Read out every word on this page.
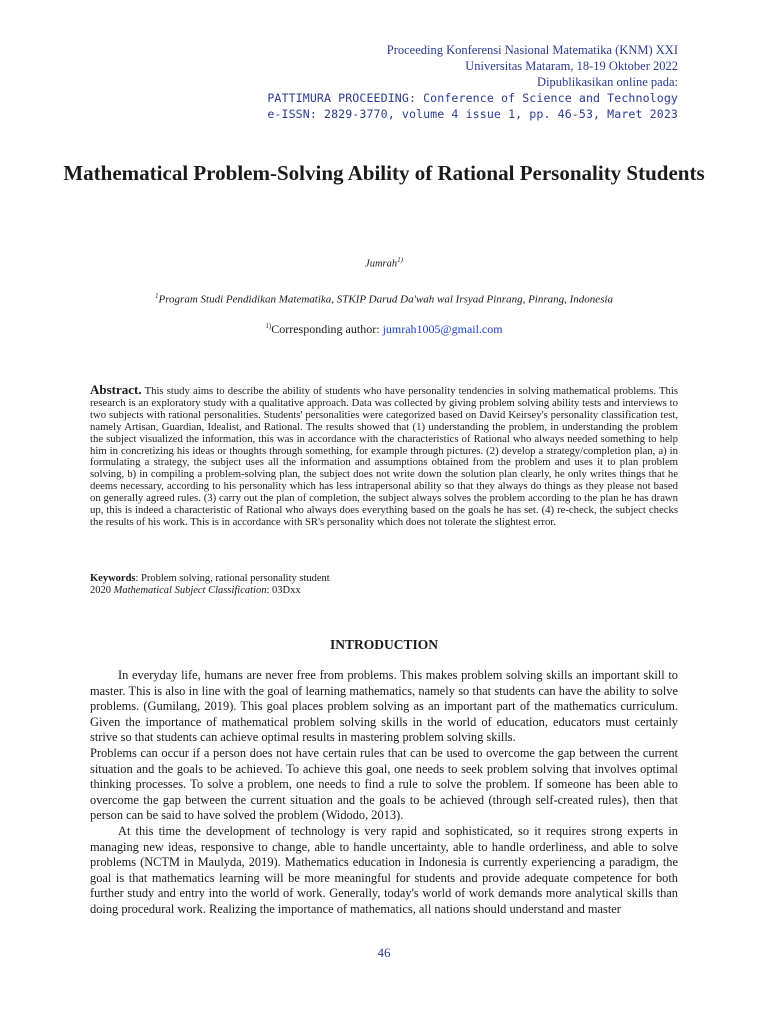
Proceeding Konferensi Nasional Matematika (KNM) XXI
Universitas Mataram, 18-19 Oktober 2022
Dipublikasikan online pada:
PATTIMURA PROCEEDING: Conference of Science and Technology
e-ISSN: 2829-3770, volume 4 issue 1, pp. 46-53, Maret 2023
Mathematical Problem-Solving Ability of Rational Personality Students
Jumrah$^{1)}$
$^1$Program Studi Pendidikan Matematika, STKIP Darud Da'wah wal Irsyad Pinrang, Pinrang, Indonesia
$^{1)}$Corresponding author: jumrah1005@gmail.com
Abstract. This study aims to describe the ability of students who have personality tendencies in solving mathematical problems. This research is an exploratory study with a qualitative approach. Data was collected by giving problem solving ability tests and interviews to two subjects with rational personalities. Students' personalities were categorized based on David Keirsey's personality classification test, namely Artisan, Guardian, Idealist, and Rational. The results showed that (1) understanding the problem, in understanding the problem the subject visualized the information, this was in accordance with the characteristics of Rational who always needed something to help him in concretizing his ideas or thoughts through something, for example through pictures. (2) develop a strategy/completion plan, a) in formulating a strategy, the subject uses all the information and assumptions obtained from the problem and uses it to plan problem solving, b) in compiling a problem-solving plan, the subject does not write down the solution plan clearly, he only writes things that he deems necessary, according to his personality which has less intrapersonal ability so that they always do things as they please not based on generally agreed rules. (3) carry out the plan of completion, the subject always solves the problem according to the plan he has drawn up, this is indeed a characteristic of Rational who always does everything based on the goals he has set. (4) re-check, the subject checks the results of his work. This is in accordance with SR's personality which does not tolerate the slightest error.
Keywords: Problem solving, rational personality student
2020 Mathematical Subject Classification: 03Dxx
INTRODUCTION

In everyday life, humans are never free from problems. This makes problem solving skills an important skill to master. This is also in line with the goal of learning mathematics, namely so that students can have the ability to solve problems. (Gumilang, 2019). This goal places problem solving as an important part of the mathematics curriculum. Given the importance of mathematical problem solving skills in the world of education, educators must certainly strive so that students can achieve optimal results in mastering problem solving skills.

Problems can occur if a person does not have certain rules that can be used to overcome the gap between the current situation and the goals to be achieved. To achieve this goal, one needs to seek problem solving that involves optimal thinking processes. To solve a problem, one needs to find a rule to solve the problem. If someone has been able to overcome the gap between the current situation and the goals to be achieved (through self-created rules), then that person can be said to have solved the problem (Widodo, 2013).

At this time the development of technology is very rapid and sophisticated, so it requires strong experts in managing new ideas, responsive to change, able to handle uncertainty, able to handle orderliness, and able to solve problems (NCTM in Maulyda, 2019). Mathematics education in Indonesia is currently experiencing a paradigm, the goal is that mathematics learning will be more meaningful for students and provide adequate competence for both further study and entry into the world of work. Generally, today's world of work demands more analytical skills than doing procedural work. Realizing the importance of mathematics, all nations should understand and master

46
